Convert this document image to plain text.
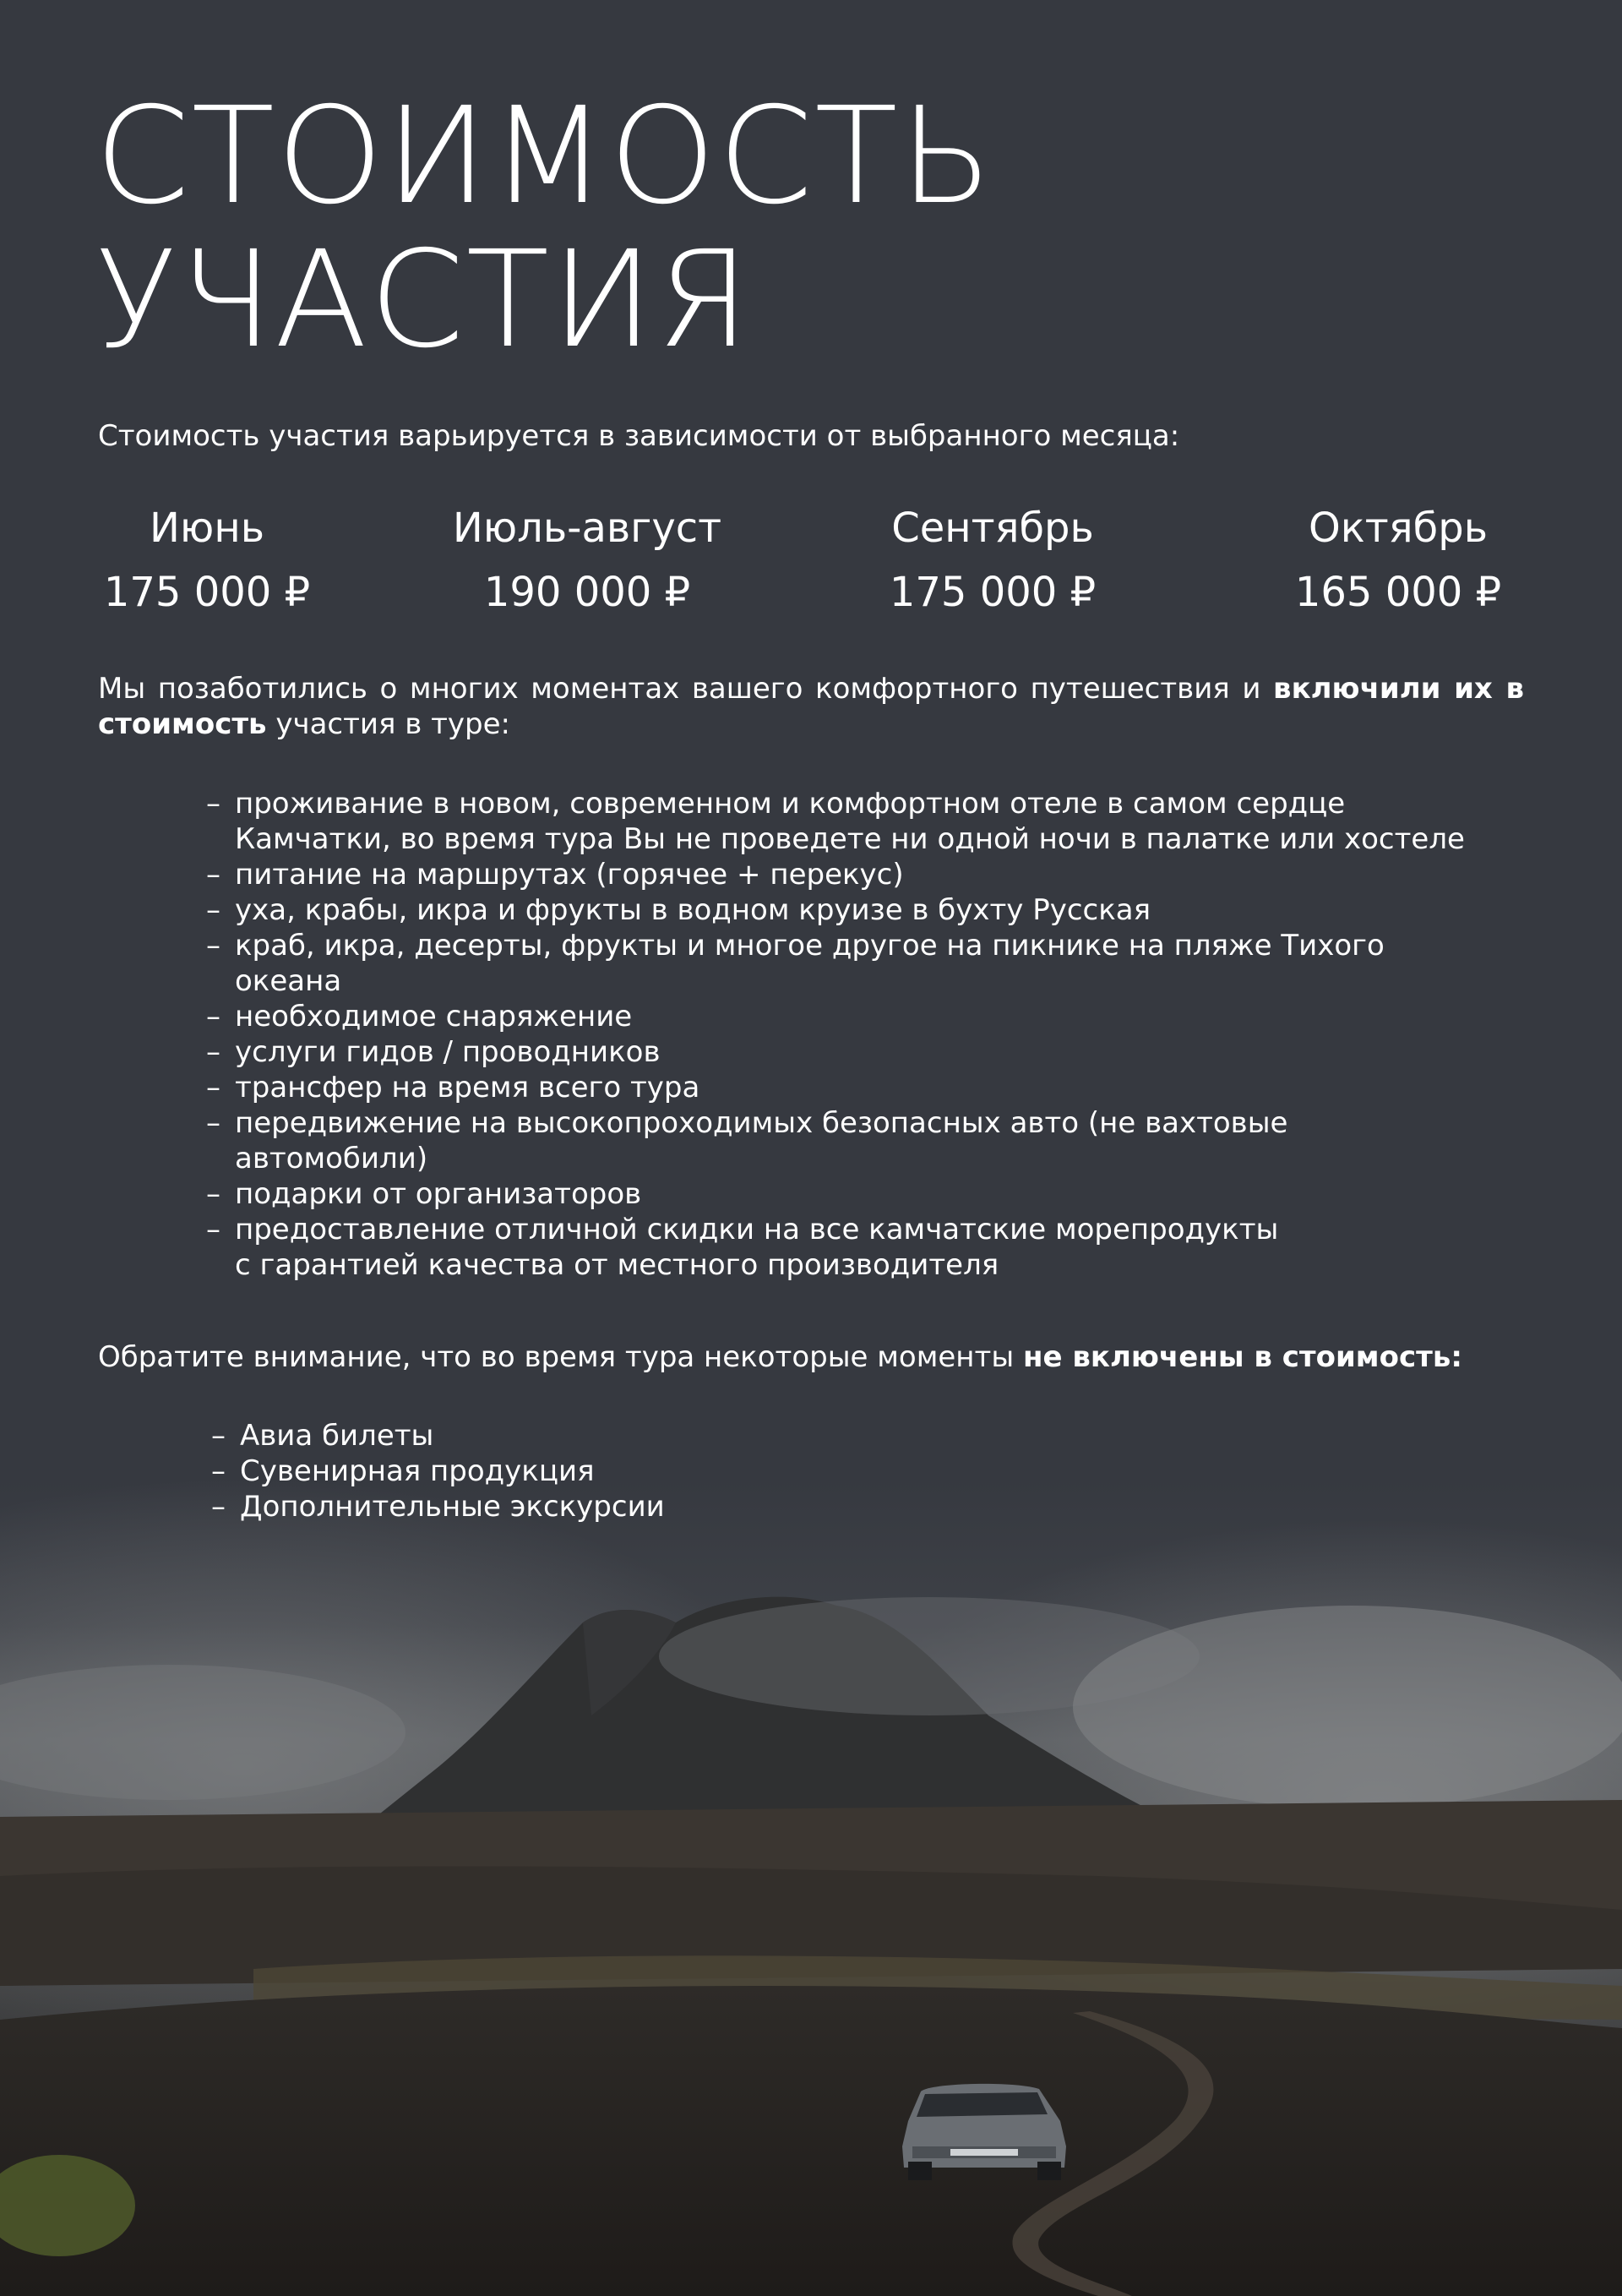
СТОИМОСТЬ
УЧАСТИЯ

Стоимость участия варьируется в зависимости от выбранного месяца:

Июнь
175 000 ₽
Июль-август
190 000 ₽
Сентябрь
175 000 ₽
Октябрь
165 000 ₽

Мы позаботились о многих моментах вашего комфортного путешествия и включили их в стоимость участия в туре:

– проживание в новом, современном и комфортном отеле в самом сердце
Камчатки, во время тура Вы не проведете ни одной ночи в палатке или хостеле
– питание на маршрутах (горячее + перекус)
– уха, крабы, икра и фрукты в водном круизе в бухту Русская
– краб, икра, десерты, фрукты и многое другое на пикнике на пляже Тихого
океана
– необходимое снаряжение
– услуги гидов / проводников
– трансфер на время всего тура
– передвижение на высокопроходимых безопасных авто (не вахтовые
автомобили)
– подарки от организаторов
– предоставление отличной скидки на все камчатские морепродукты
с гарантией качества от местного производителя

Обратите внимание, что во время тура некоторые моменты не включены в стоимость:

– Авиа билеты
– Сувенирная продукция
– Дополнительные экскурсии
